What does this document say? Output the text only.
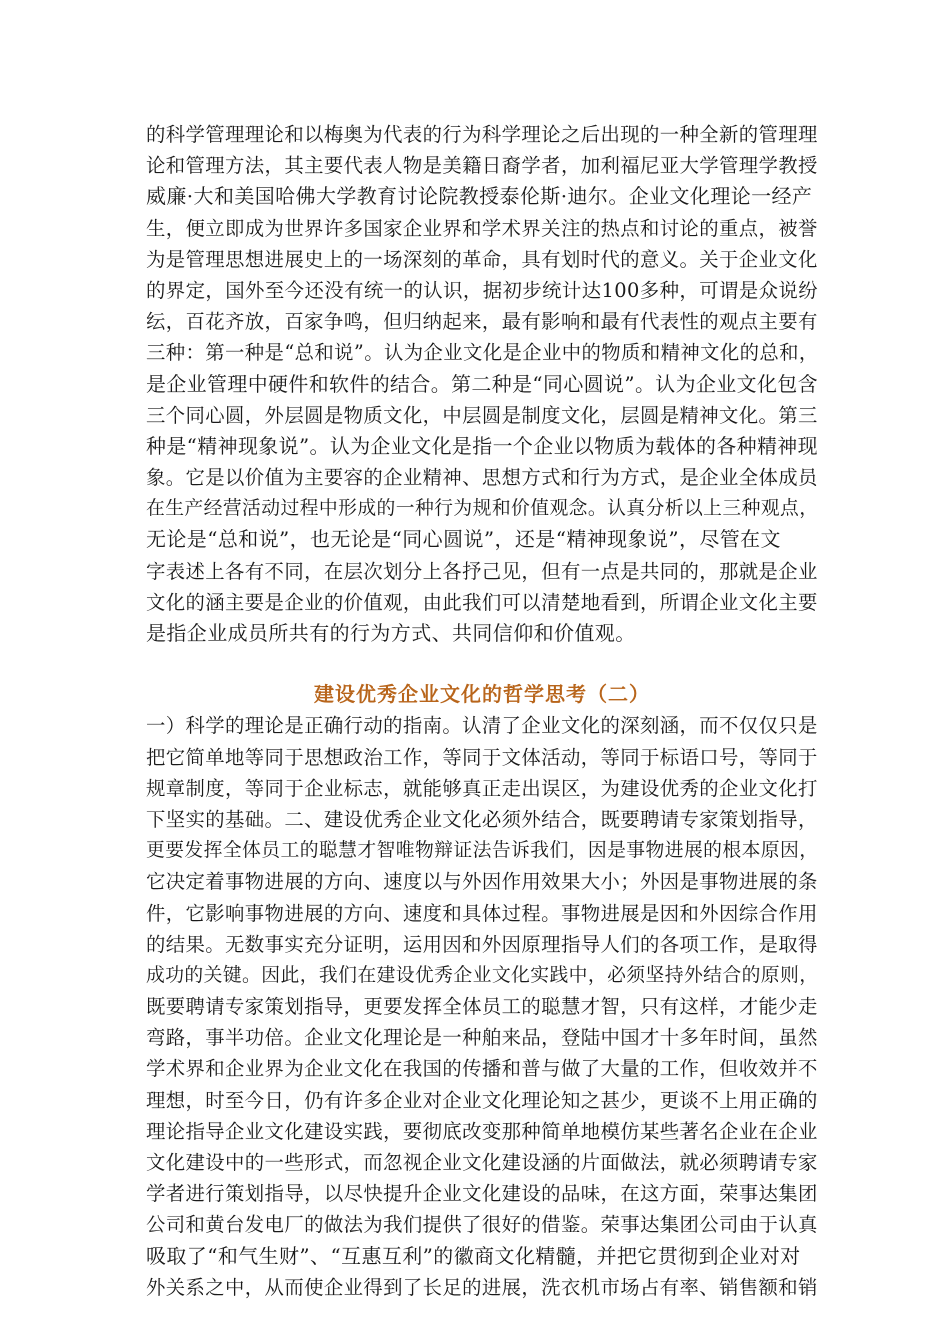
的科学管理理论和以梅奥为代表的行为科学理论之后出现的一种全新的管理理
论和管理方法，其主要代表人物是美籍日裔学者，加利福尼亚大学管理学教授
威廉·大和美国哈佛大学教育讨论院教授泰伦斯·迪尔。企业文化理论一经产
生，便立即成为世界许多国家企业界和学术界关注的热点和讨论的重点，被誉
为是管理思想进展史上的一场深刻的革命，具有划时代的意义。关于企业文化
的界定，国外至今还没有统一的认识，据初步统计达100多种，可谓是众说纷
纭，百花齐放，百家争鸣，但归纳起来，最有影响和最有代表性的观点主要有
三种：第一种是“总和说”。认为企业文化是企业中的物质和精神文化的总和，
是企业管理中硬件和软件的结合。第二种是“同心圆说”。认为企业文化包含
三个同心圆，外层圆是物质文化，中层圆是制度文化，层圆是精神文化。第三
种是“精神现象说”。认为企业文化是指一个企业以物质为载体的各种精神现
象。它是以价值为主要容的企业精神、思想方式和行为方式，是企业全体成员
在生产经营活动过程中形成的一种行为规和价值观念。认真分析以上三种观点，
无论是“总和说”，也无论是“同心圆说”，还是“精神现象说”，尽管在文
字表述上各有不同，在层次划分上各抒己见，但有一点是共同的，那就是企业
文化的涵主要是企业的价值观，由此我们可以清楚地看到，所谓企业文化主要
是指企业成员所共有的行为方式、共同信仰和价值观。
建设优秀企业文化的哲学思考（二）
一）科学的理论是正确行动的指南。认清了企业文化的深刻涵，而不仅仅只是
把它简单地等同于思想政治工作，等同于文体活动，等同于标语口号，等同于
规章制度，等同于企业标志，就能够真正走出误区，为建设优秀的企业文化打
下坚实的基础。二、建设优秀企业文化必须外结合，既要聘请专家策划指导，
更要发挥全体员工的聪慧才智唯物辩证法告诉我们，因是事物进展的根本原因，
它决定着事物进展的方向、速度以与外因作用效果大小；外因是事物进展的条
件，它影响事物进展的方向、速度和具体过程。事物进展是因和外因综合作用
的结果。无数事实充分证明，运用因和外因原理指导人们的各项工作，是取得
成功的关键。因此，我们在建设优秀企业文化实践中，必须坚持外结合的原则，
既要聘请专家策划指导，更要发挥全体员工的聪慧才智，只有这样，才能少走
弯路，事半功倍。企业文化理论是一种舶来品，登陆中国才十多年时间，虽然
学术界和企业界为企业文化在我国的传播和普与做了大量的工作，但收效并不
理想，时至今日，仍有许多企业对企业文化理论知之甚少，更谈不上用正确的
理论指导企业文化建设实践，要彻底改变那种简单地模仿某些著名企业在企业
文化建设中的一些形式，而忽视企业文化建设涵的片面做法，就必须聘请专家
学者进行策划指导，以尽快提升企业文化建设的品味，在这方面，荣事达集团
公司和黄台发电厂的做法为我们提供了很好的借鉴。荣事达集团公司由于认真
吸取了“和气生财”、“互惠互利”的徽商文化精髓，并把它贯彻到企业对对
外关系之中，从而使企业得到了长足的进展，洗衣机市场占有率、销售额和销
